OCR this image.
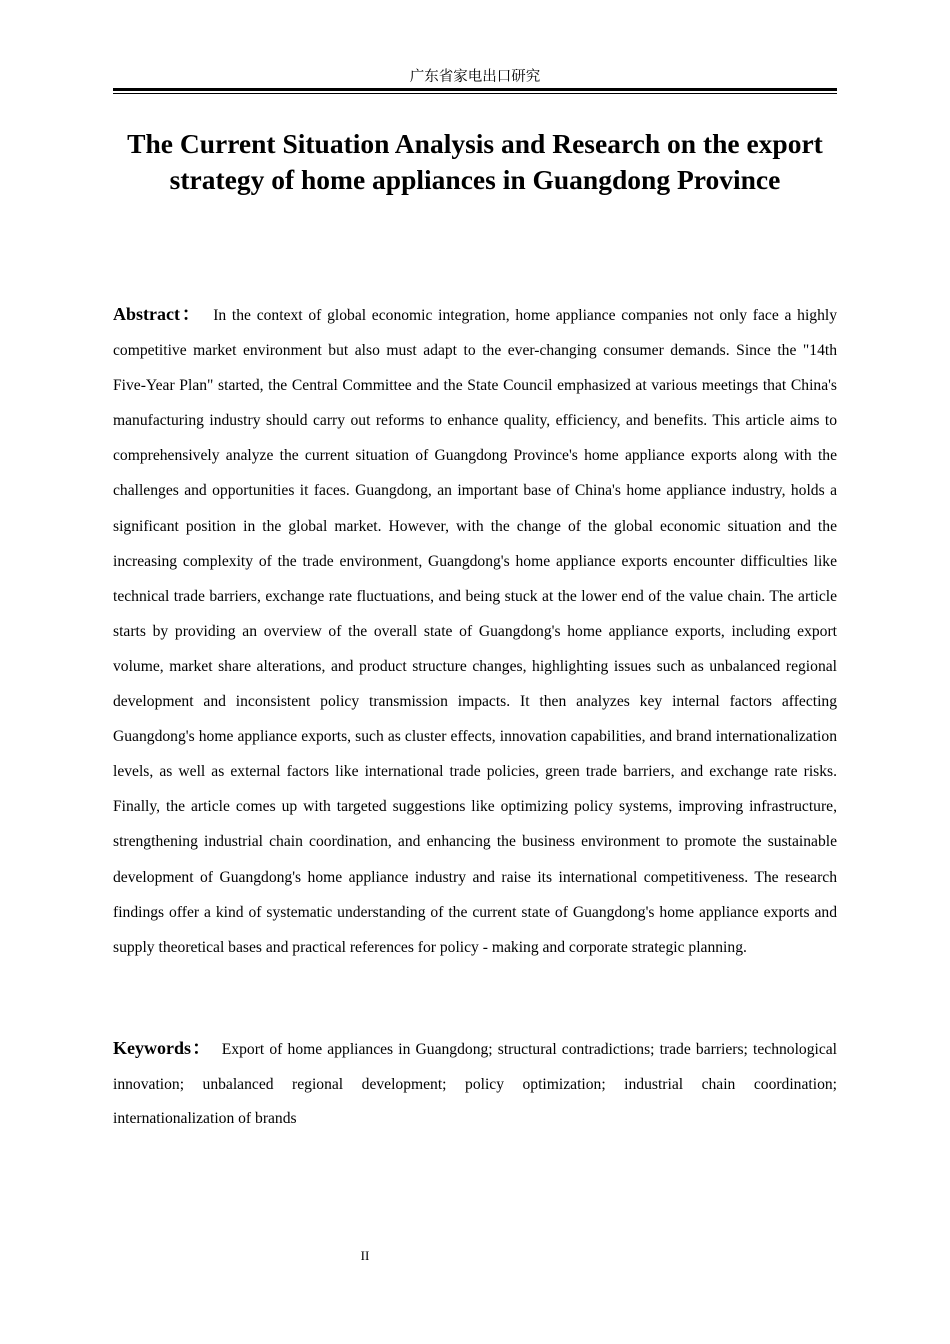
广东省家电出口研究
The Current Situation Analysis and Research on the export strategy of home appliances in Guangdong Province

Abstract： In the context of global economic integration, home appliance companies not only face a highly competitive market environment but also must adapt to the ever-changing consumer demands. Since the "14th Five-Year Plan" started, the Central Committee and the State Council emphasized at various meetings that China's manufacturing industry should carry out reforms to enhance quality, efficiency, and benefits. This article aims to comprehensively analyze the current situation of Guangdong Province's home appliance exports along with the challenges and opportunities it faces. Guangdong, an important base of China's home appliance industry, holds a significant position in the global market. However, with the change of the global economic situation and the increasing complexity of the trade environment, Guangdong's home appliance exports encounter difficulties like technical trade barriers, exchange rate fluctuations, and being stuck at the lower end of the value chain. The article starts by providing an overview of the overall state of Guangdong's home appliance exports, including export volume, market share alterations, and product structure changes, highlighting issues such as unbalanced regional development and inconsistent policy transmission impacts. It then analyzes key internal factors affecting Guangdong's home appliance exports, such as cluster effects, innovation capabilities, and brand internationalization levels, as well as external factors like international trade policies, green trade barriers, and exchange rate risks. Finally, the article comes up with targeted suggestions like optimizing policy systems, improving infrastructure, strengthening industrial chain coordination, and enhancing the business environment to promote the sustainable development of Guangdong's home appliance industry and raise its international competitiveness. The research findings offer a kind of systematic understanding of the current state of Guangdong's home appliance exports and supply theoretical bases and practical references for policy - making and corporate strategic planning.

Keywords： Export of home appliances in Guangdong; structural contradictions; trade barriers; technological innovation; unbalanced regional development; policy optimization; industrial chain coordination; internationalization of brands

II
